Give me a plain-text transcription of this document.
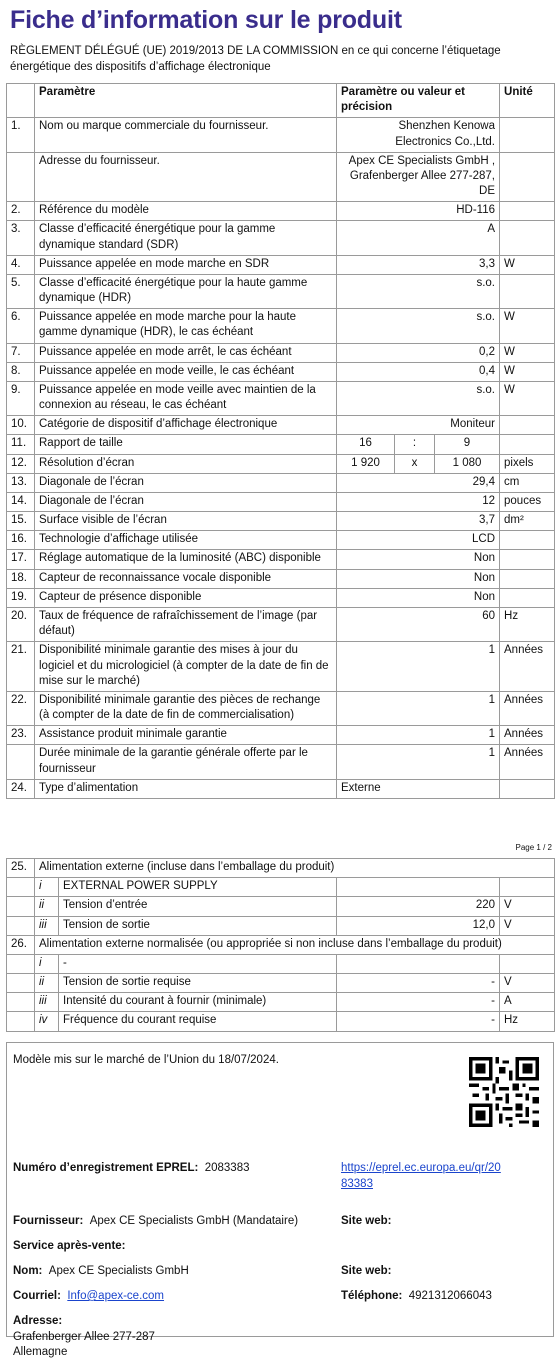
Fiche d’information sur le produit
RÈGLEMENT DÉLÉGUÉ (UE) 2019/2013 DE LA COMMISSION en ce qui concerne l’étiquetage énergétique des dispositifs d’affichage électronique
	Paramètre	Paramètre ou valeur et précision			Unité
1.	Nom ou marque commerciale du fournisseur.	Shenzhen Kenowa Electronics Co.,Ltd.			
	Adresse du fournisseur.	Apex CE Specialists GmbH , Grafenberger Allee 277-287, DE			
2.	Référence du modèle	HD-116			
3.	Classe d’efficacité énergétique pour la gamme dynamique standard (SDR)	A			
4.	Puissance appelée en mode marche en SDR	3,3			W
5.	Classe d’efficacité énergétique pour la haute gamme dynamique (HDR)	s.o.			
6.	Puissance appelée en mode marche pour la haute gamme dynamique (HDR), le cas échéant	s.o.			W
7.	Puissance appelée en mode arrêt, le cas échéant	0,2			W
8.	Puissance appelée en mode veille, le cas échéant	0,4			W
9.	Puissance appelée en mode veille avec maintien de la connexion au réseau, le cas échéant	s.o.			W
10.	Catégorie de dispositif d’affichage électronique	Moniteur			
11.	Rapport de taille	16	:	9	
12.	Résolution d’écran	1 920	x	1 080	pixels
13.	Diagonale de l’écran	29,4			cm
14.	Diagonale de l’écran	12			pouces
15.	Surface visible de l’écran	3,7			dm²
16.	Technologie d’affichage utilisée	LCD			
17.	Réglage automatique de la luminosité (ABC) disponible	Non			
18.	Capteur de reconnaissance vocale disponible	Non			
19.	Capteur de présence disponible	Non			
20.	Taux de fréquence de rafraîchissement de l’image (par défaut)	60			Hz
21.	Disponibilité minimale garantie des mises à jour du logiciel et du micrologiciel (à compter de la date de fin de mise sur le marché)	1			Années
22.	Disponibilité minimale garantie des pièces de rechange (à compter de la date de fin de commercialisation)	1			Années
23.	Assistance produit minimale garantie	1			Années
	Durée minimale de la garantie générale offerte par le fournisseur	1			Années
24.	Type d’alimentation	Externe			
Page 1 / 2
25.	Alimentation externe (incluse dans l’emballage du produit)			
	i	EXTERNAL POWER SUPPLY		
	ii	Tension d’entrée	220	V
	iii	Tension de sortie	12,0	V
26.	Alimentation externe normalisée (ou appropriée si non incluse dans l’emballage du produit)			
	i	-		
	ii	Tension de sortie requise	-	V
	iii	Intensité du courant à fournir (minimale)	-	A
	iv	Fréquence du courant requise	-	Hz
Modèle mis sur le marché de l’Union du 18/07/2024.
Numéro d’enregistrement EPREL: 2083383	https://eprel.ec.europa.eu/qr/20
83383
Fournisseur: Apex CE Specialists GmbH (Mandataire)	Site web:
Service après-vente:
Nom: Apex CE Specialists GmbH	Site web:
Courriel: Info@apex-ce.com	Téléphone: 4921312066043
Adresse:
Grafenberger Allee 277-287
Allemagne
